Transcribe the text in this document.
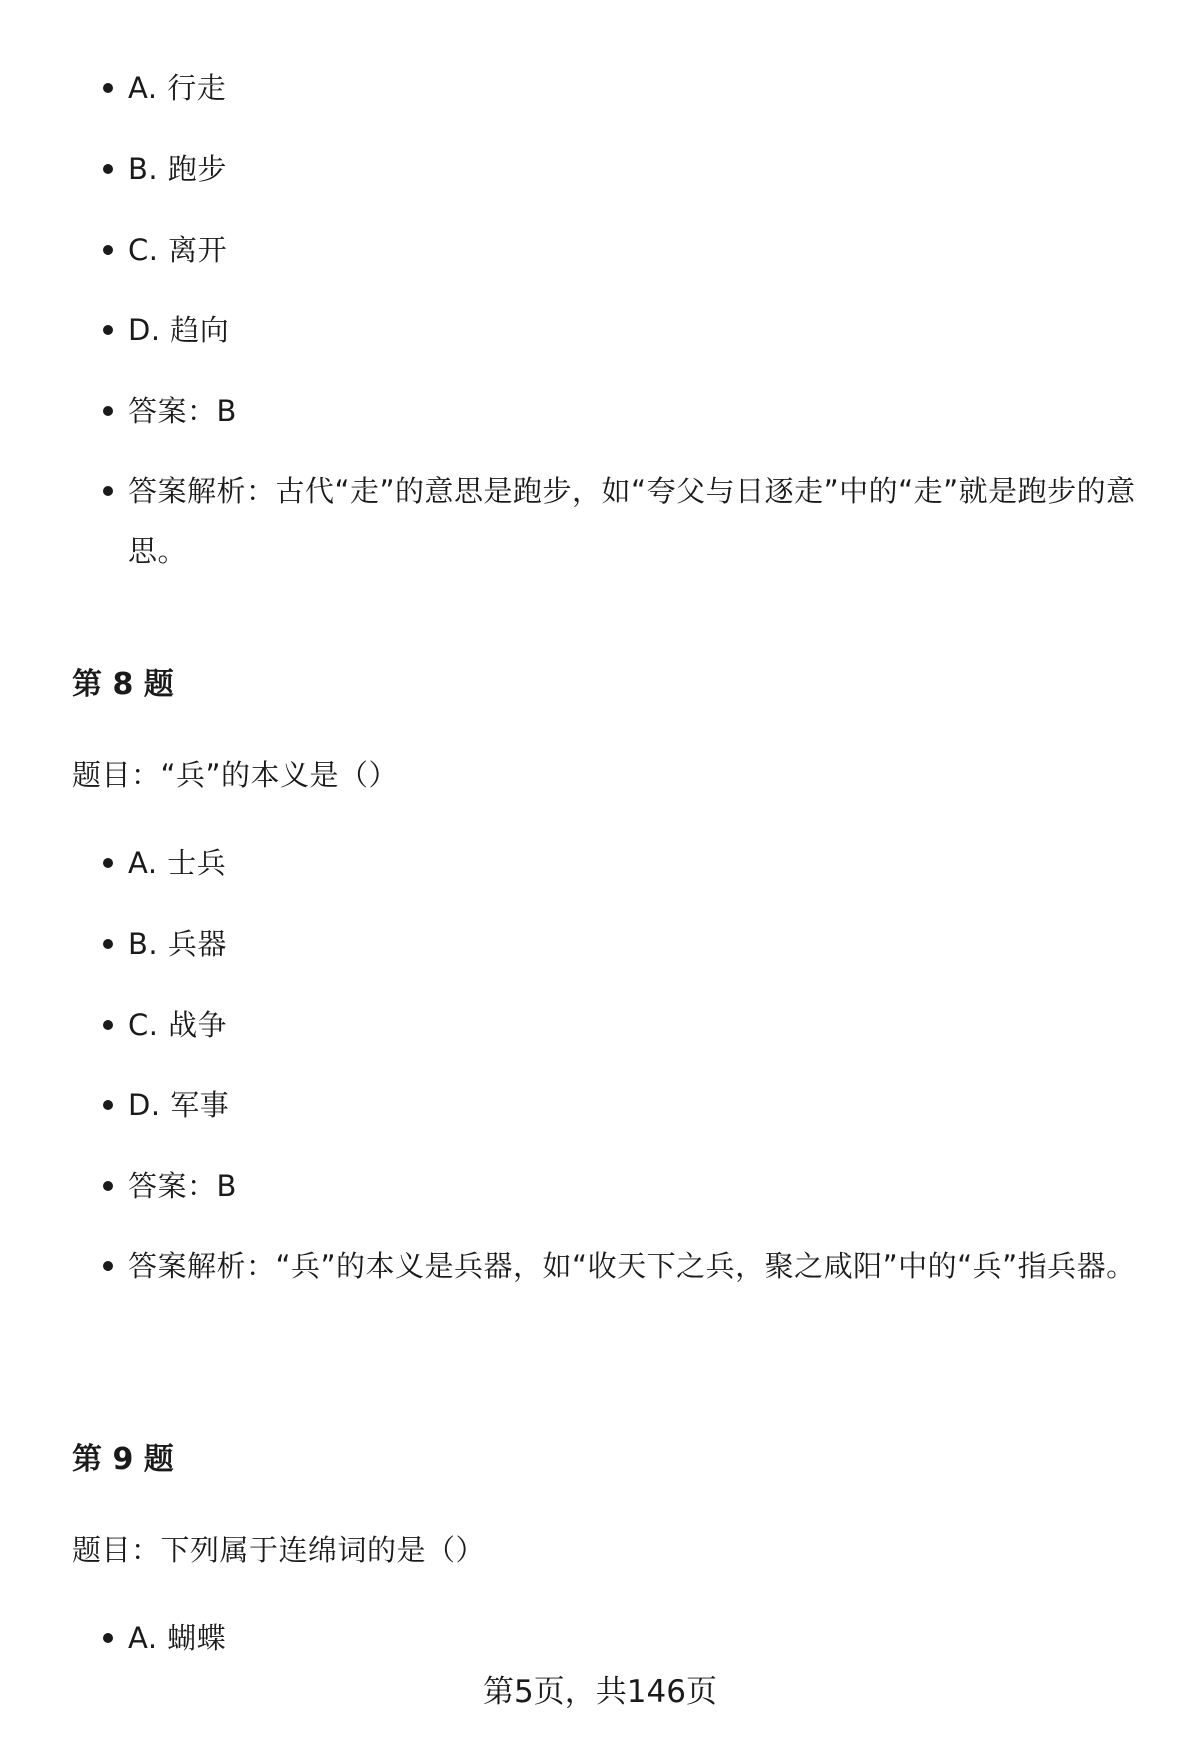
A. 行走
B. 跑步
C. 离开
D. 趋向
答案：B
答案解析：古代“走”的意思是跑步，如“夸父与日逐走”中的“走”就是跑步的意思。
第 8 题
题目：“兵”的本义是（）
A. 士兵
B. 兵器
C. 战争
D. 军事
答案：B
答案解析：“兵”的本义是兵器，如“收天下之兵，聚之咸阳”中的“兵”指兵器。
第 9 题
题目：下列属于连绵词的是（）
A. 蝴蝶
第5页，共146页
